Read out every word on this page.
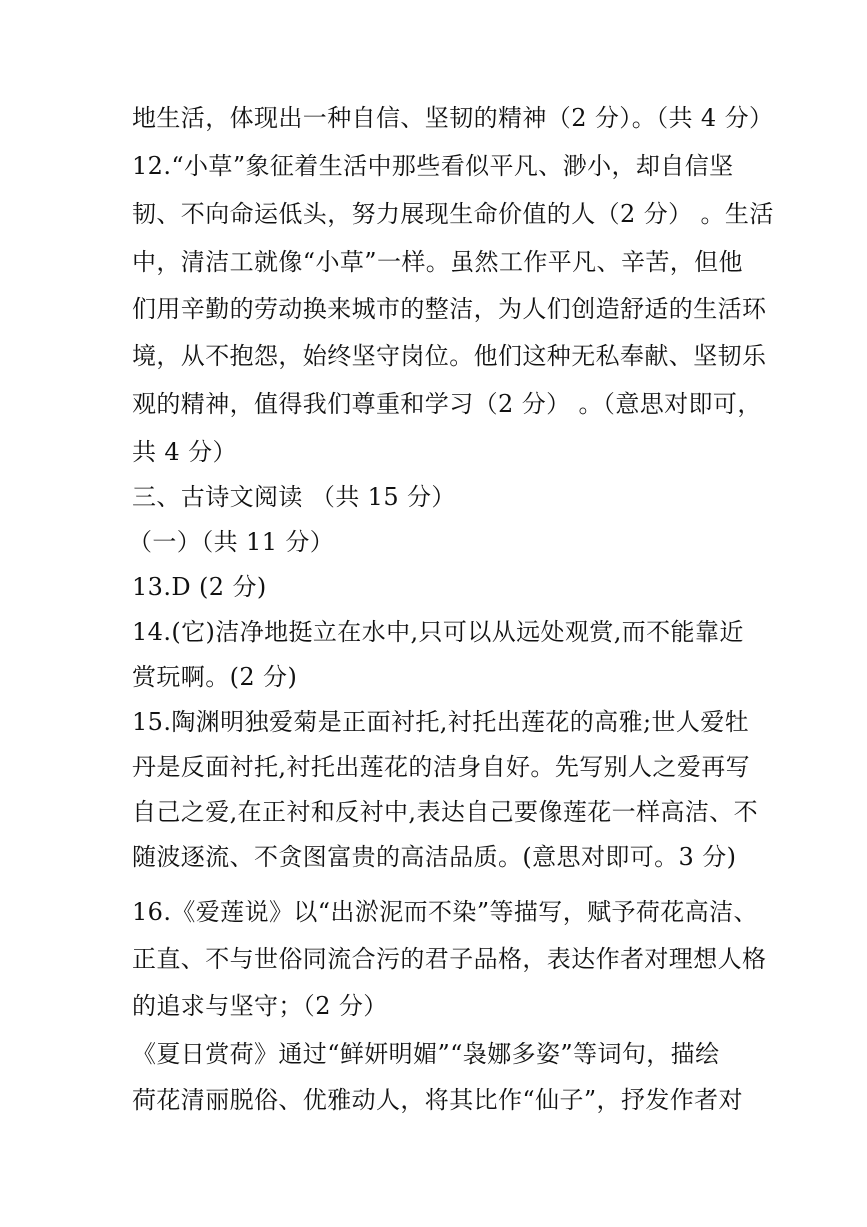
地生活，体现出一种自信、坚韧的精神（2 分）。（共 4 分）
12.“小草”象征着生活中那些看似平凡、渺小，却自信坚
韧、不向命运低头，努力展现生命价值的人（2 分） 。生活
中，清洁工就像“小草”一样。虽然工作平凡、辛苦，但他
们用辛勤的劳动换来城市的整洁，为人们创造舒适的生活环
境，从不抱怨，始终坚守岗位。他们这种无私奉献、坚韧乐
观的精神，值得我们尊重和学习（2 分） 。（意思对即可，
共 4 分）
三、古诗文阅读 （共 15 分）
（一）（共 11 分）
13.D (2 分)
14.(它)洁净地挺立在水中,只可以从远处观赏,而不能靠近
赏玩啊。(2 分)
15.陶渊明独爱菊是正面衬托,衬托出莲花的高雅;世人爱牡
丹是反面衬托,衬托出莲花的洁身自好。先写别人之爱再写
自己之爱,在正衬和反衬中,表达自己要像莲花一样高洁、不
随波逐流、不贪图富贵的高洁品质。(意思对即可。3 分)
16.《爱莲说》以“出淤泥而不染”等描写，赋予荷花高洁、
正直、不与世俗同流合污的君子品格，表达作者对理想人格
的追求与坚守；（2 分）
《夏日赏荷》通过“鲜妍明媚”“袅娜多姿”等词句，描绘
荷花清丽脱俗、优雅动人，将其比作“仙子”，抒发作者对
